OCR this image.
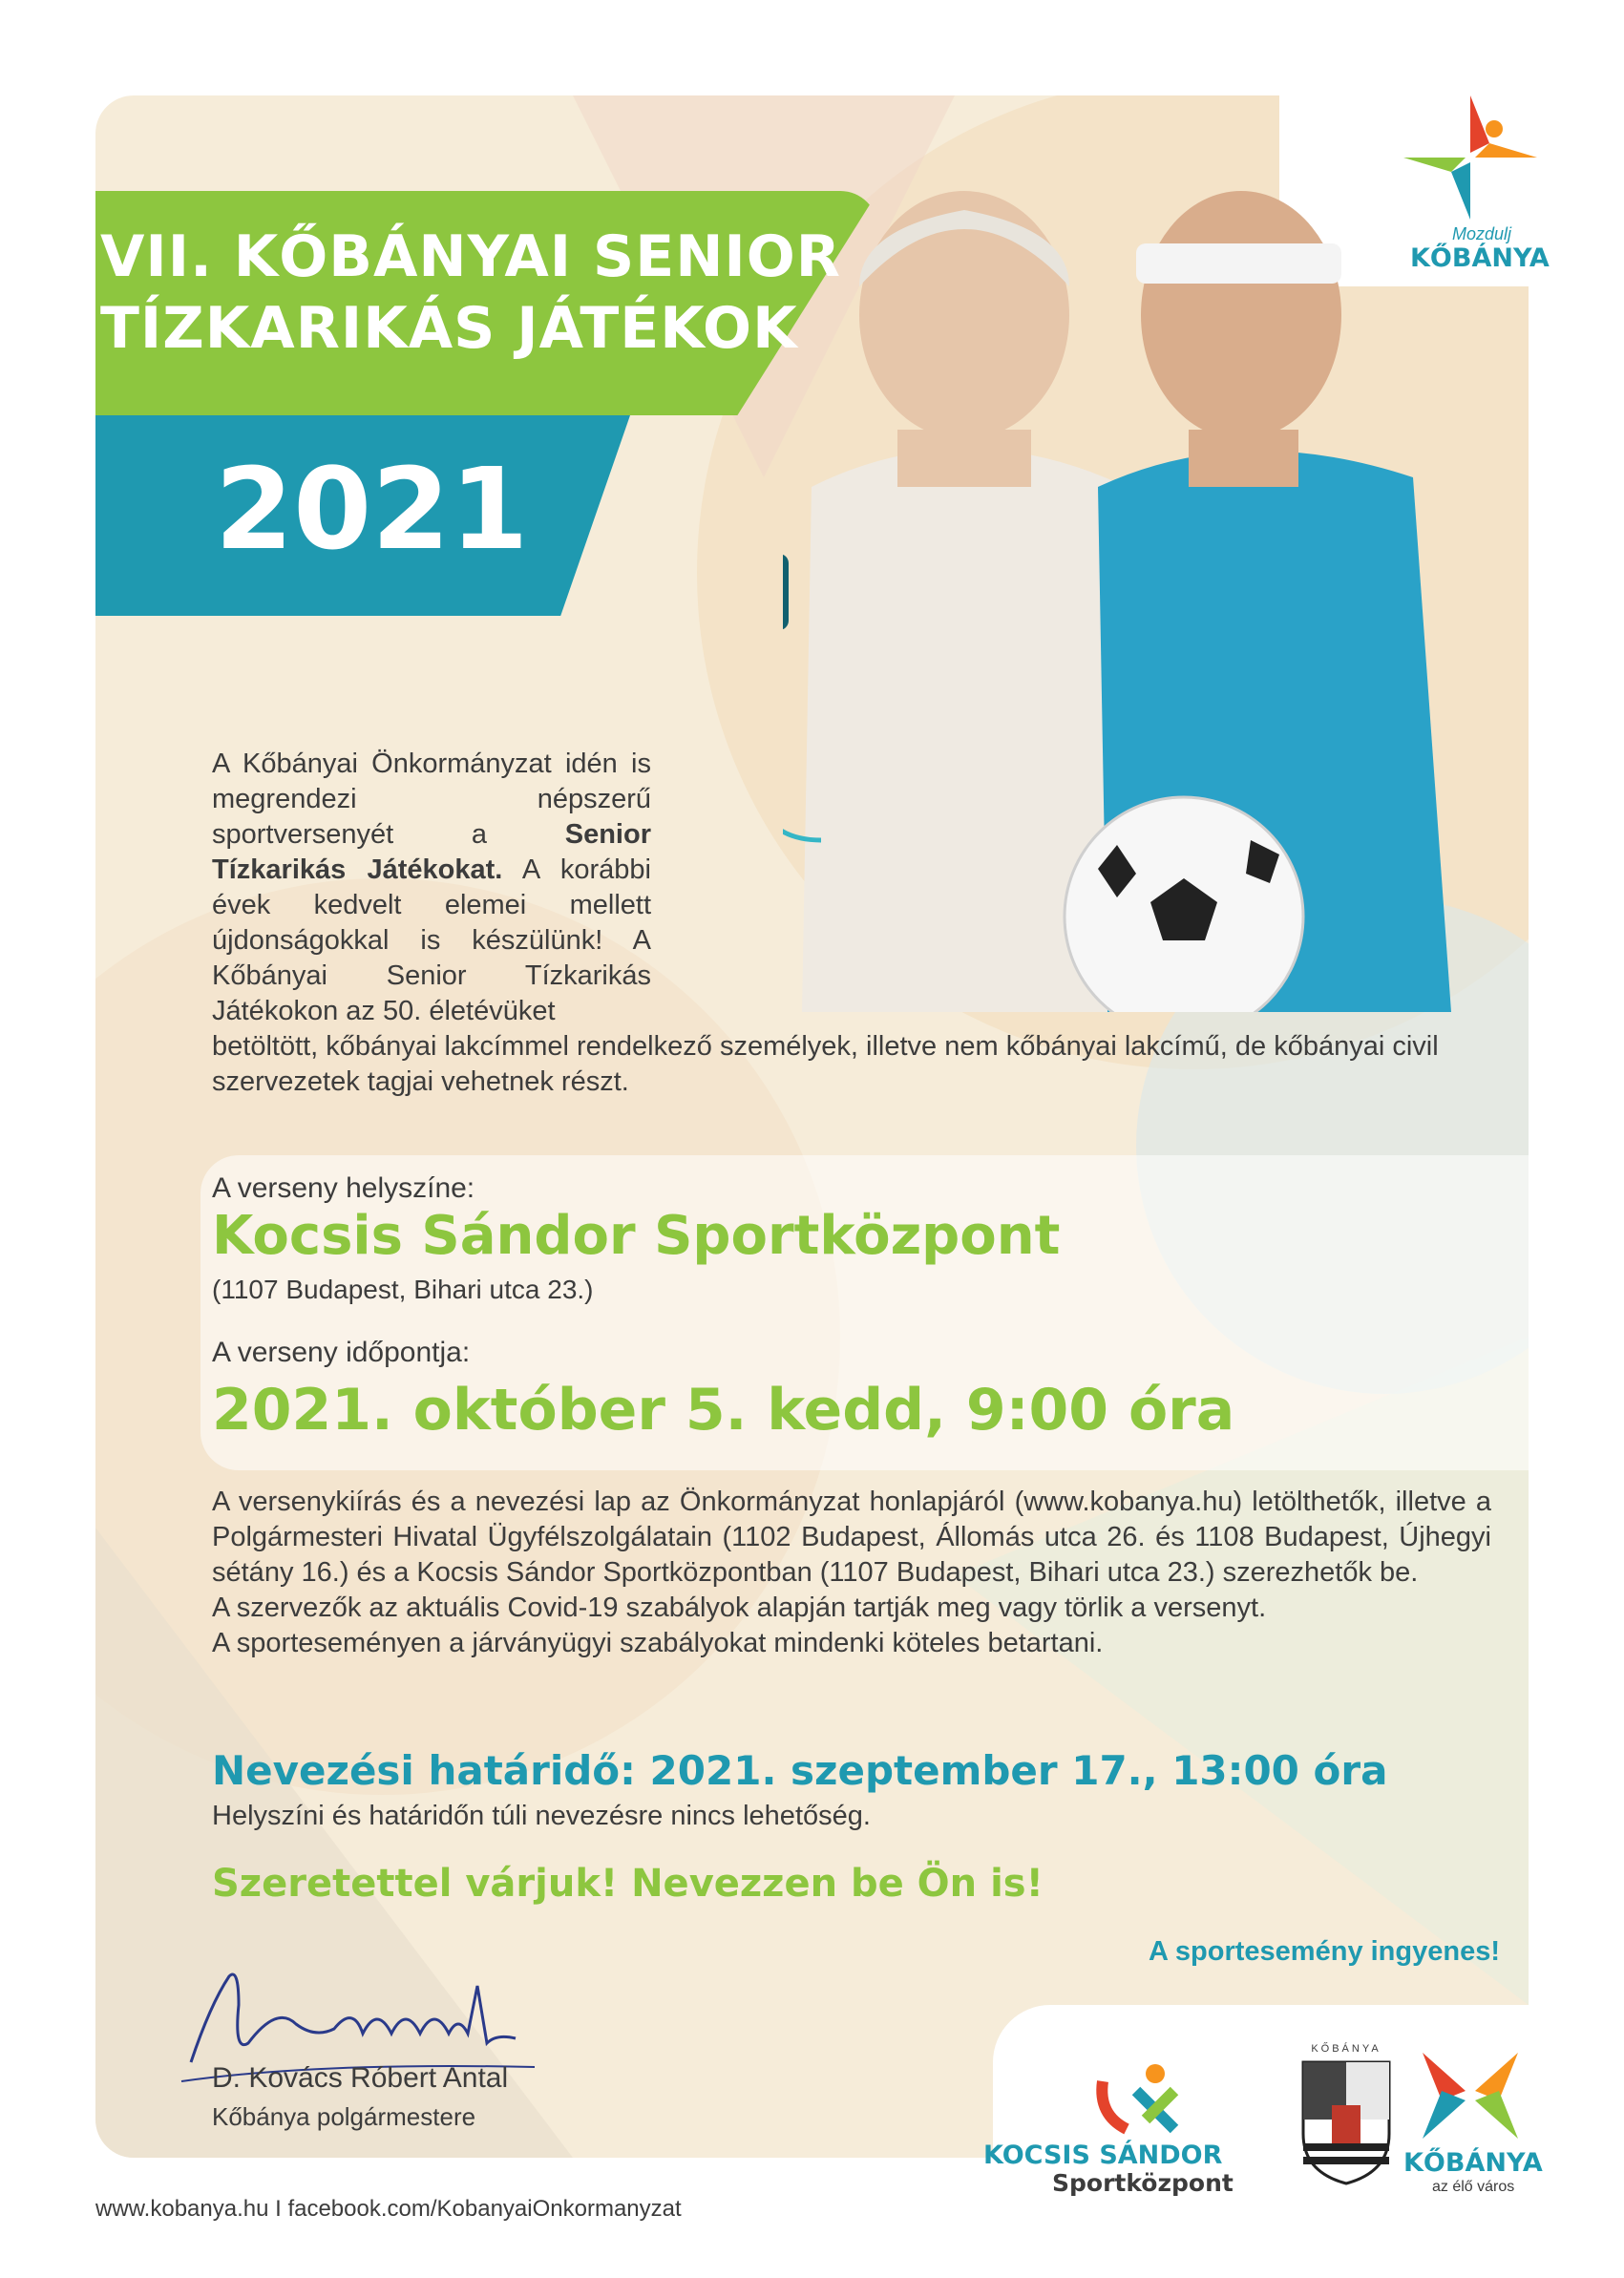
VII. KŐBÁNYAI SENIOR
TÍZKARIKÁS JÁTÉKOK
2021
Mozdulj
KŐBÁNYA
A Kőbányai Önkormányzat idén is megrendezi népszerű sportversenyét a Senior Tízkarikás Játékokat. A korábbi évek kedvelt elemei mellett újdonságokkal is készülünk! A Kőbányai Senior Tízkarikás Játékokon az 50. életévüket
betöltött, kőbányai lakcímmel rendelkező személyek, illetve nem kőbányai lakcímű, de kőbányai civil szervezetek tagjai vehetnek részt.
A verseny helyszíne:
Kocsis Sándor Sportközpont
(1107 Budapest, Bihari utca 23.)
A verseny időpontja:
2021. október 5. kedd, 9:00 óra
A versenykiírás és a nevezési lap az Önkormányzat honlapjáról (www.kobanya.hu) letölthetők, illetve a Polgármesteri Hivatal Ügyfélszolgálatain (1102 Budapest, Állomás utca 26. és 1108 Budapest, Újhegyi sétány 16.) és a Kocsis Sándor Sportközpontban (1107 Budapest, Bihari utca 23.) szerezhetők be.
A szervezők az aktuális Covid-19 szabályok alapján tartják meg vagy törlik a versenyt.
A sporteseményen a járványügyi szabályokat mindenki köteles betartani.
Nevezési határidő: 2021. szeptember 17., 13:00 óra
Helyszíni és határidőn túli nevezésre nincs lehetőség.
Szeretettel várjuk! Nevezzen be Ön is!
A sportesemény ingyenes!
D. Kovács Róbert Antal
Kőbánya polgármestere
www.kobanya.hu I facebook.com/KobanyaiOnkormanyzat
KOCSIS SÁNDOR
Sportközpont
KŐBÁNYA
KŐBÁNYA
az élő város
